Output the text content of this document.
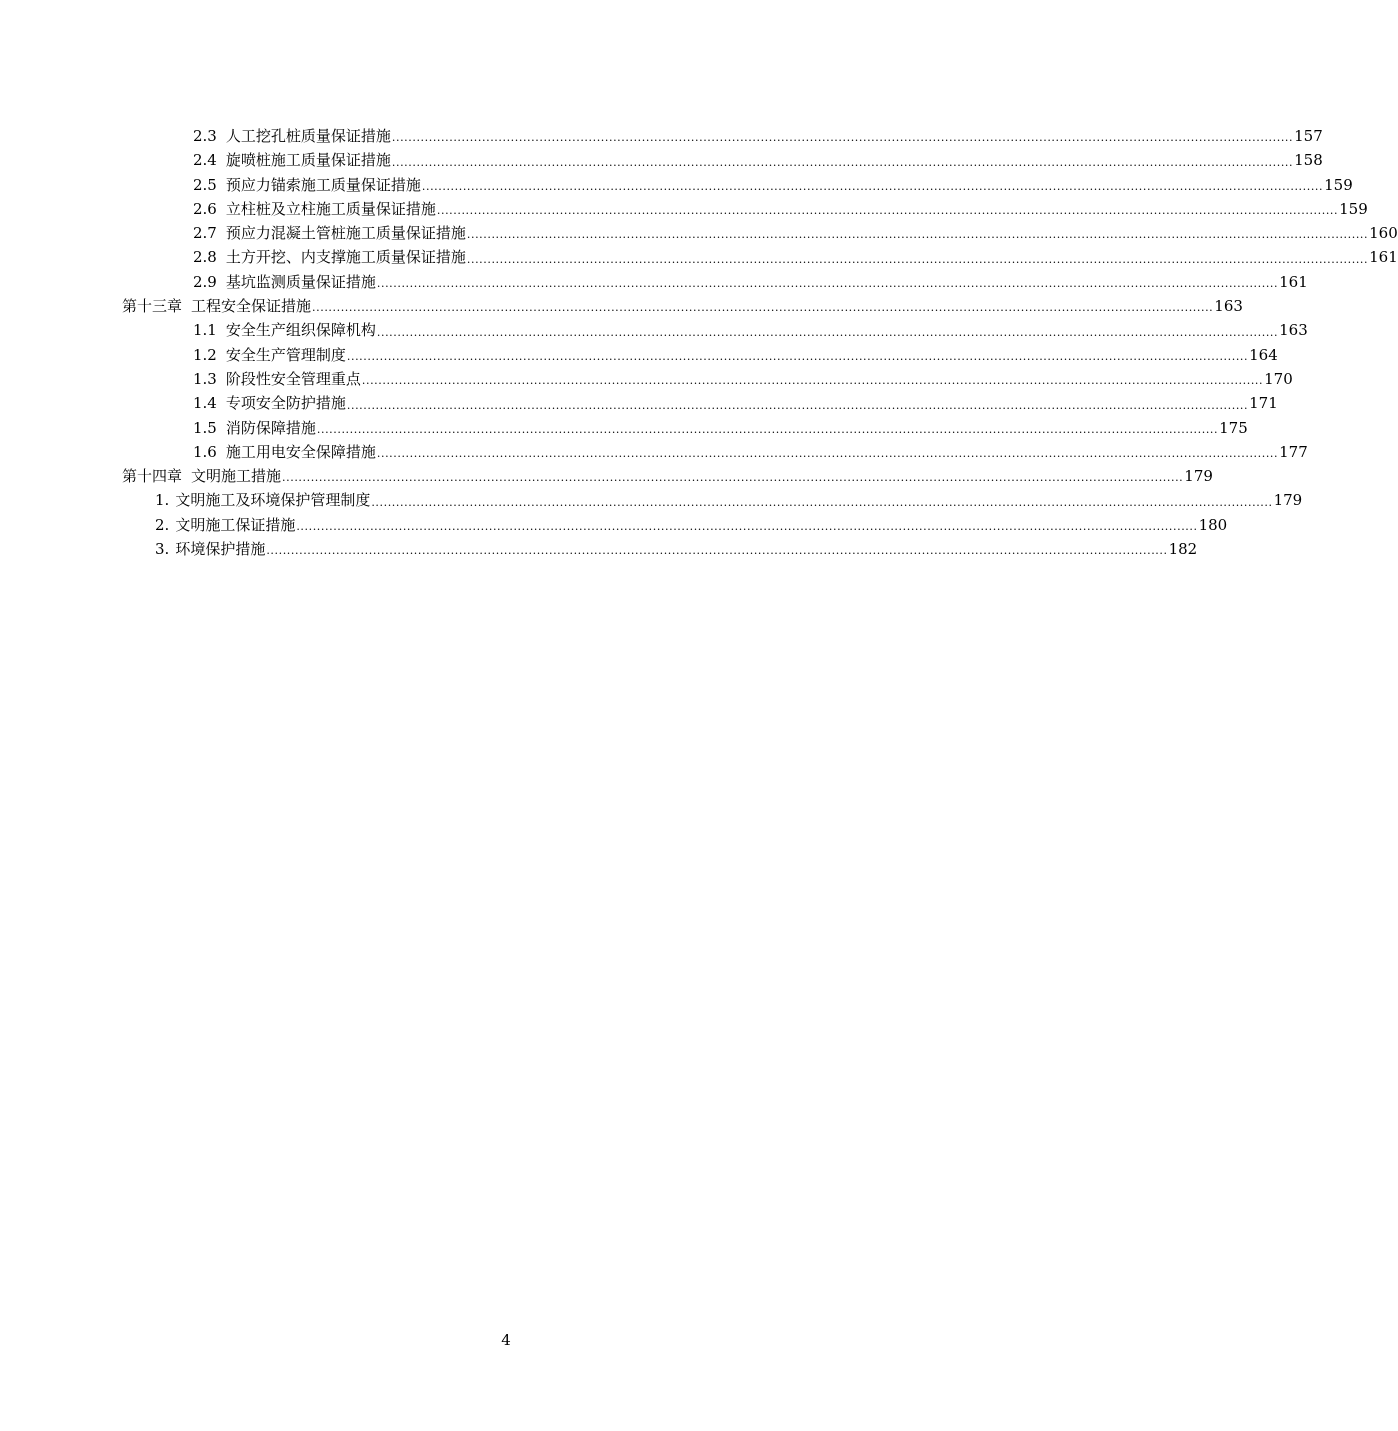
2.3 人工挖孔桩质量保证措施 ............................................................................................................................................................................................................................ 157
2.4 旋喷桩施工质量保证措施 ............................................................................................................................................................................................................................ 158
2.5 预应力锚索施工质量保证措施 ............................................................................................................................................................................................................................ 159
2.6 立柱桩及立柱施工质量保证措施 ............................................................................................................................................................................................................................ 159
2.7 预应力混凝土管桩施工质量保证措施 ............................................................................................................................................................................................................................ 160
2.8 土方开挖、内支撑施工质量保证措施 ............................................................................................................................................................................................................................ 161
2.9 基坑监测质量保证措施 ............................................................................................................................................................................................................................ 161
第十三章 工程安全保证措施 ............................................................................................................................................................................................................................ 163
1.1 安全生产组织保障机构 ............................................................................................................................................................................................................................ 163
1.2 安全生产管理制度 ............................................................................................................................................................................................................................ 164
1.3 阶段性安全管理重点 ............................................................................................................................................................................................................................ 170
1.4 专项安全防护措施 ............................................................................................................................................................................................................................ 171
1.5 消防保障措施 ............................................................................................................................................................................................................................ 175
1.6 施工用电安全保障措施 ............................................................................................................................................................................................................................ 177
第十四章 文明施工措施 ............................................................................................................................................................................................................................ 179
1. 文明施工及环境保护管理制度 ............................................................................................................................................................................................................................ 179
2. 文明施工保证措施 ............................................................................................................................................................................................................................ 180
3. 环境保护措施 ............................................................................................................................................................................................................................ 182
4
